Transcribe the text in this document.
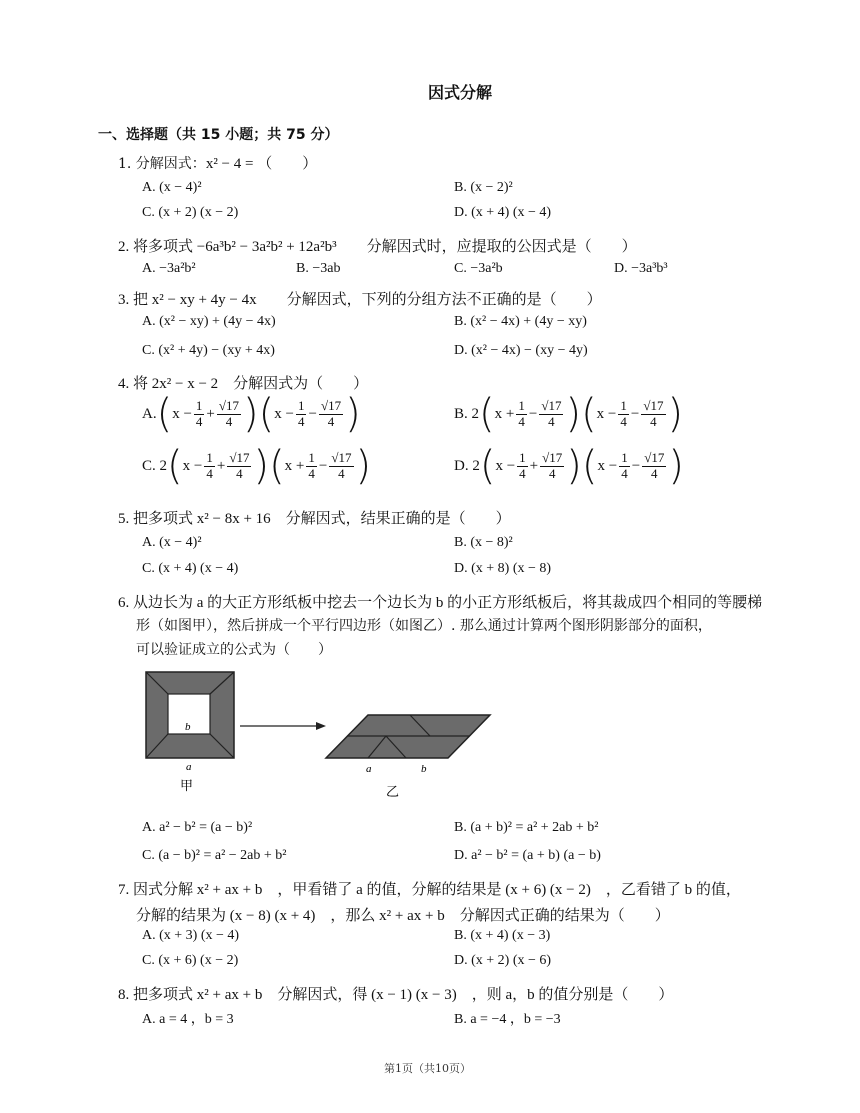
因式分解
一、选择题（共 15 小题；共 75 分）
1. 分解因式：x² − 4 = （　　）
A. (x − 4)²	B. (x − 2)²
C. (x + 2) (x − 2)	D. (x + 4) (x − 4)
2. 将多项式 −6a³b² − 3a²b² + 12a²b³　　分解因式时，应提取的公因式是（　　）
A. −3a²b²	B. −3ab	C. −3a²b	D. −3a³b³
3. 把 x² − xy + 4y − 4x　　分解因式，下列的分组方法不正确的是（　　）
A. (x² − xy) + (4y − 4x)	B. (x² − 4x) + (4y − xy)
C. (x² + 4y) − (xy + 4x)	D. (x² − 4x) − (xy − 4y)
4. 将 2x² − x − 2　分解因式为（　　）
A. ( $x - \frac{1}{4} + \frac{√17}{4}$ ) ( $x - \frac{1}{4} - \frac{√17}{4}$ )	B. 2 ( $x + \frac{1}{4} - \frac{√17}{4}$ ) ( $x - \frac{1}{4} - \frac{√17}{4}$ )
C. 2 ( $x - \frac{1}{4} + \frac{√17}{4}$ ) ( $x + \frac{1}{4} - \frac{√17}{4}$ )	D. 2 ( $x - \frac{1}{4} + \frac{√17}{4}$ ) ( $x - \frac{1}{4} - \frac{√17}{4}$ )
5. 把多项式 x² − 8x + 16　分解因式，结果正确的是（　　）
A. (x − 4)²	B. (x − 8)²
C. (x + 4) (x − 4)	D. (x + 8) (x − 8)
6. 从边长为 a 的大正方形纸板中挖去一个边长为 b 的小正方形纸板后，将其裁成四个相同的等腰梯
形（如图甲），然后拼成一个平行四边形（如图乙）. 那么通过计算两个图形阴影部分的面积，
可以验证成立的公式为（　　）
b
a	a	b
甲	乙
A. a² − b² = (a − b)²	B. (a + b)² = a² + 2ab + b²
C. (a − b)² = a² − 2ab + b²	D. a² − b² = (a + b) (a − b)
7. 因式分解 x² + ax + b　，甲看错了 a 的值，分解的结果是 (x + 6) (x − 2)　，乙看错了 b 的值，
分解的结果为 (x − 8) (x + 4)　，那么 x² + ax + b　分解因式正确的结果为（　　）
A. (x + 3) (x − 4)	B. (x + 4) (x − 3)
C. (x + 6) (x − 2)	D. (x + 2) (x − 6)
8. 把多项式 x² + ax + b　分解因式，得 (x − 1) (x − 3)　，则 a，b 的值分别是（　　）
A. a = 4 ，b = 3	B. a = −4 ，b = −3
第1页（共10页）
